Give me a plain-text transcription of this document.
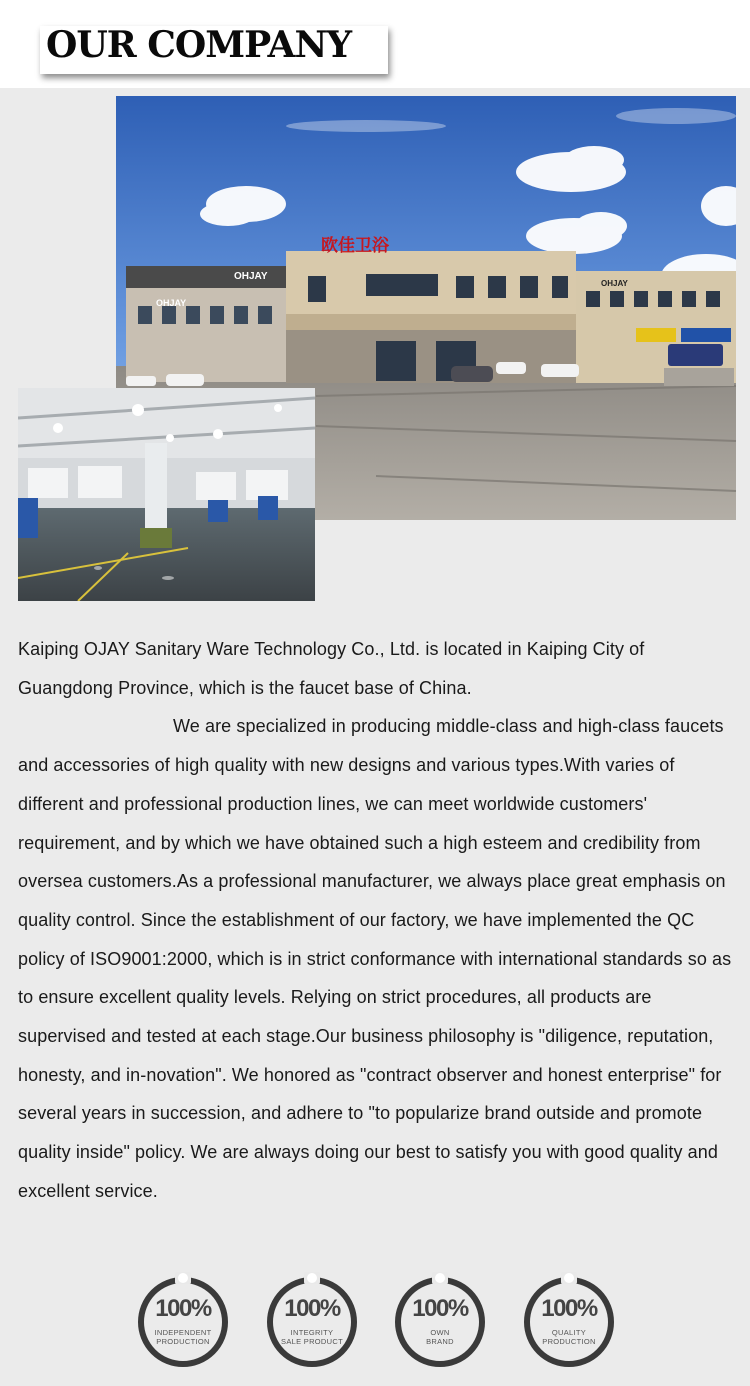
OUR COMPANY
OHJAY
欧佳卫浴
OHJAY
OHJAY

Kaiping OJAY Sanitary Ware Technology Co., Ltd. is located in Kaiping City of Guangdong Province, which is the faucet base of China.

We are specialized in producing middle-class and high-class faucets and accessories of high quality with new designs and various types.With varies of different and professional production lines, we can meet worldwide customers' requirement, and by which we have obtained such a high esteem and credibility from oversea customers.As a professional manufacturer, we always place great emphasis on quality control. Since the establishment of our factory, we have implemented the QC policy of ISO9001:2000, which is in strict conformance with international standards so as to ensure excellent quality levels. Relying on strict procedures, all products are supervised and tested at each stage.Our business philosophy is "diligence, reputation, honesty, and in-novation". We honored as "contract observer and honest enterprise" for several years in succession, and adhere to "to popularize brand outside and promote quality inside" policy. We are always doing our best to satisfy you with good quality and excellent service.

100%
INDEPENDENT
PRODUCTION
100%
INTEGRITY
SALE PRODUCT
100%
OWN
BRAND
100%
QUALITY
PRODUCTION
